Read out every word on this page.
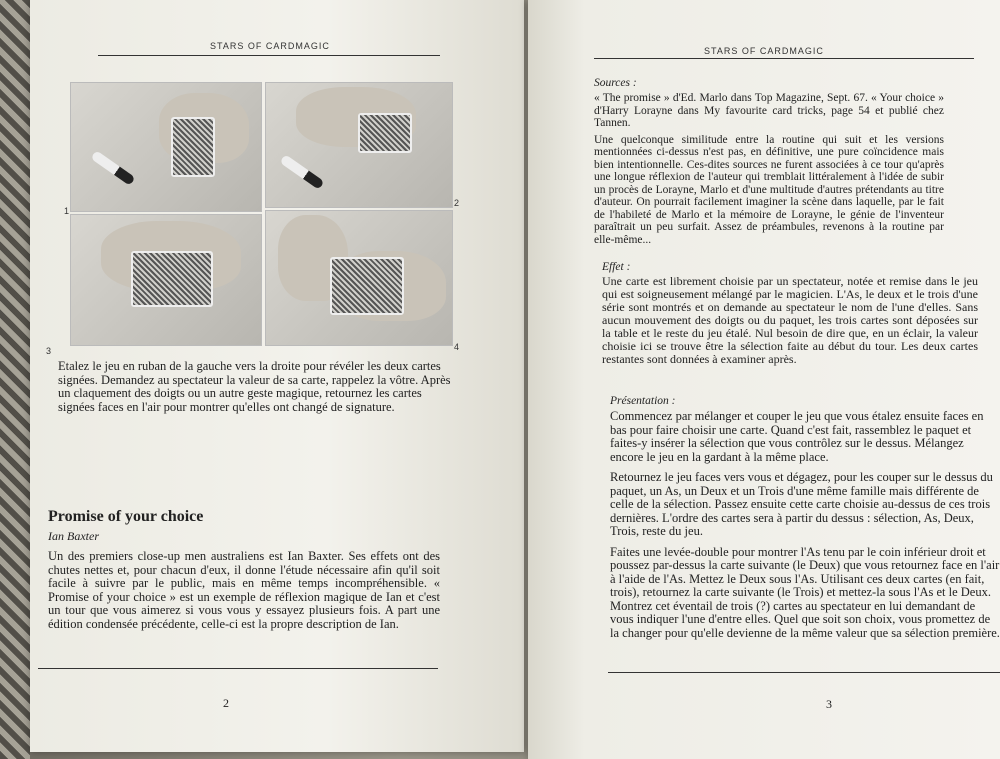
STARS OF CARDMAGIC
1
2
3	4
Etalez le jeu en ruban de la gauche vers la droite pour révéler les deux cartes signées. Demandez au spectateur la valeur de sa carte, rappelez la vôtre. Après un claquement des doigts ou un autre geste magique, retournez les cartes signées faces en l'air pour montrer qu'elles ont changé de signature.
Promise of your choice
Ian Baxter
Un des premiers close-up men australiens est Ian Baxter. Ses effets ont des chutes nettes et, pour chacun d'eux, il donne l'étude nécessaire afin qu'il soit facile à suivre par le public, mais en même temps incompréhensible. « Promise of your choice » est un exemple de réflexion magique de Ian et c'est un tour que vous aimerez si vous vous y essayez plusieurs fois. A part une édition condensée précédente, celle-ci est la propre description de Ian.
2
STARS OF CARDMAGIC
Sources :

« The promise » d'Ed. Marlo dans Top Magazine, Sept. 67. « Your choice » d'Harry Lorayne dans My favourite card tricks, page 54 et publié chez Tannen.

Une quelconque similitude entre la routine qui suit et les versions mentionnées ci-dessus n'est pas, en définitive, une pure coïncidence mais bien intentionnelle. Ces-dites sources ne furent associées à ce tour qu'après une longue réflexion de l'auteur qui tremblait littéralement à l'idée de subir un procès de Lorayne, Marlo et d'une multitude d'autres prétendants au titre d'auteur. On pourrait facilement imaginer la scène dans laquelle, par le fait de l'habileté de Marlo et la mémoire de Lorayne, le génie de l'inventeur paraîtrait un peu surfait. Assez de préambules, revenons à la routine par elle-même...

Effet :
Une carte est librement choisie par un spectateur, notée et remise dans le jeu qui est soigneusement mélangé par le magicien. L'As, le deux et le trois d'une série sont montrés et on demande au spectateur le nom de l'une d'elles. Sans aucun mouvement des doigts ou du paquet, les trois cartes sont déposées sur la table et le reste du jeu étalé. Nul besoin de dire que, en un éclair, la valeur choisie ici se trouve être la sélection faite au début du tour. Les deux cartes restantes sont données à examiner après.
Présentation :

Commencez par mélanger et couper le jeu que vous étalez ensuite faces en bas pour faire choisir une carte. Quand c'est fait, rassemblez le paquet et faites-y insérer la sélection que vous contrôlez sur le dessus. Mélangez encore le jeu en la gardant à la même place.

Retournez le jeu faces vers vous et dégagez, pour les couper sur le dessus du paquet, un As, un Deux et un Trois d'une même famille mais différente de celle de la sélection. Passez ensuite cette carte choisie au-dessus de ces trois dernières. L'ordre des cartes sera à partir du dessus : sélection, As, Deux, Trois, reste du jeu.

Faites une levée-double pour montrer l'As tenu par le coin inférieur droit et poussez par-dessus la carte suivante (le Deux) que vous retournez face en l'air à l'aide de l'As. Mettez le Deux sous l'As. Utilisant ces deux cartes (en fait, trois), retournez la carte suivante (le Trois) et mettez-la sous l'As et le Deux. Montrez cet éventail de trois (?) cartes au spectateur en lui demandant de vous indiquer l'une d'entre elles. Quel que soit son choix, vous promettez de la changer pour qu'elle devienne de la même valeur que sa sélection première.

3
